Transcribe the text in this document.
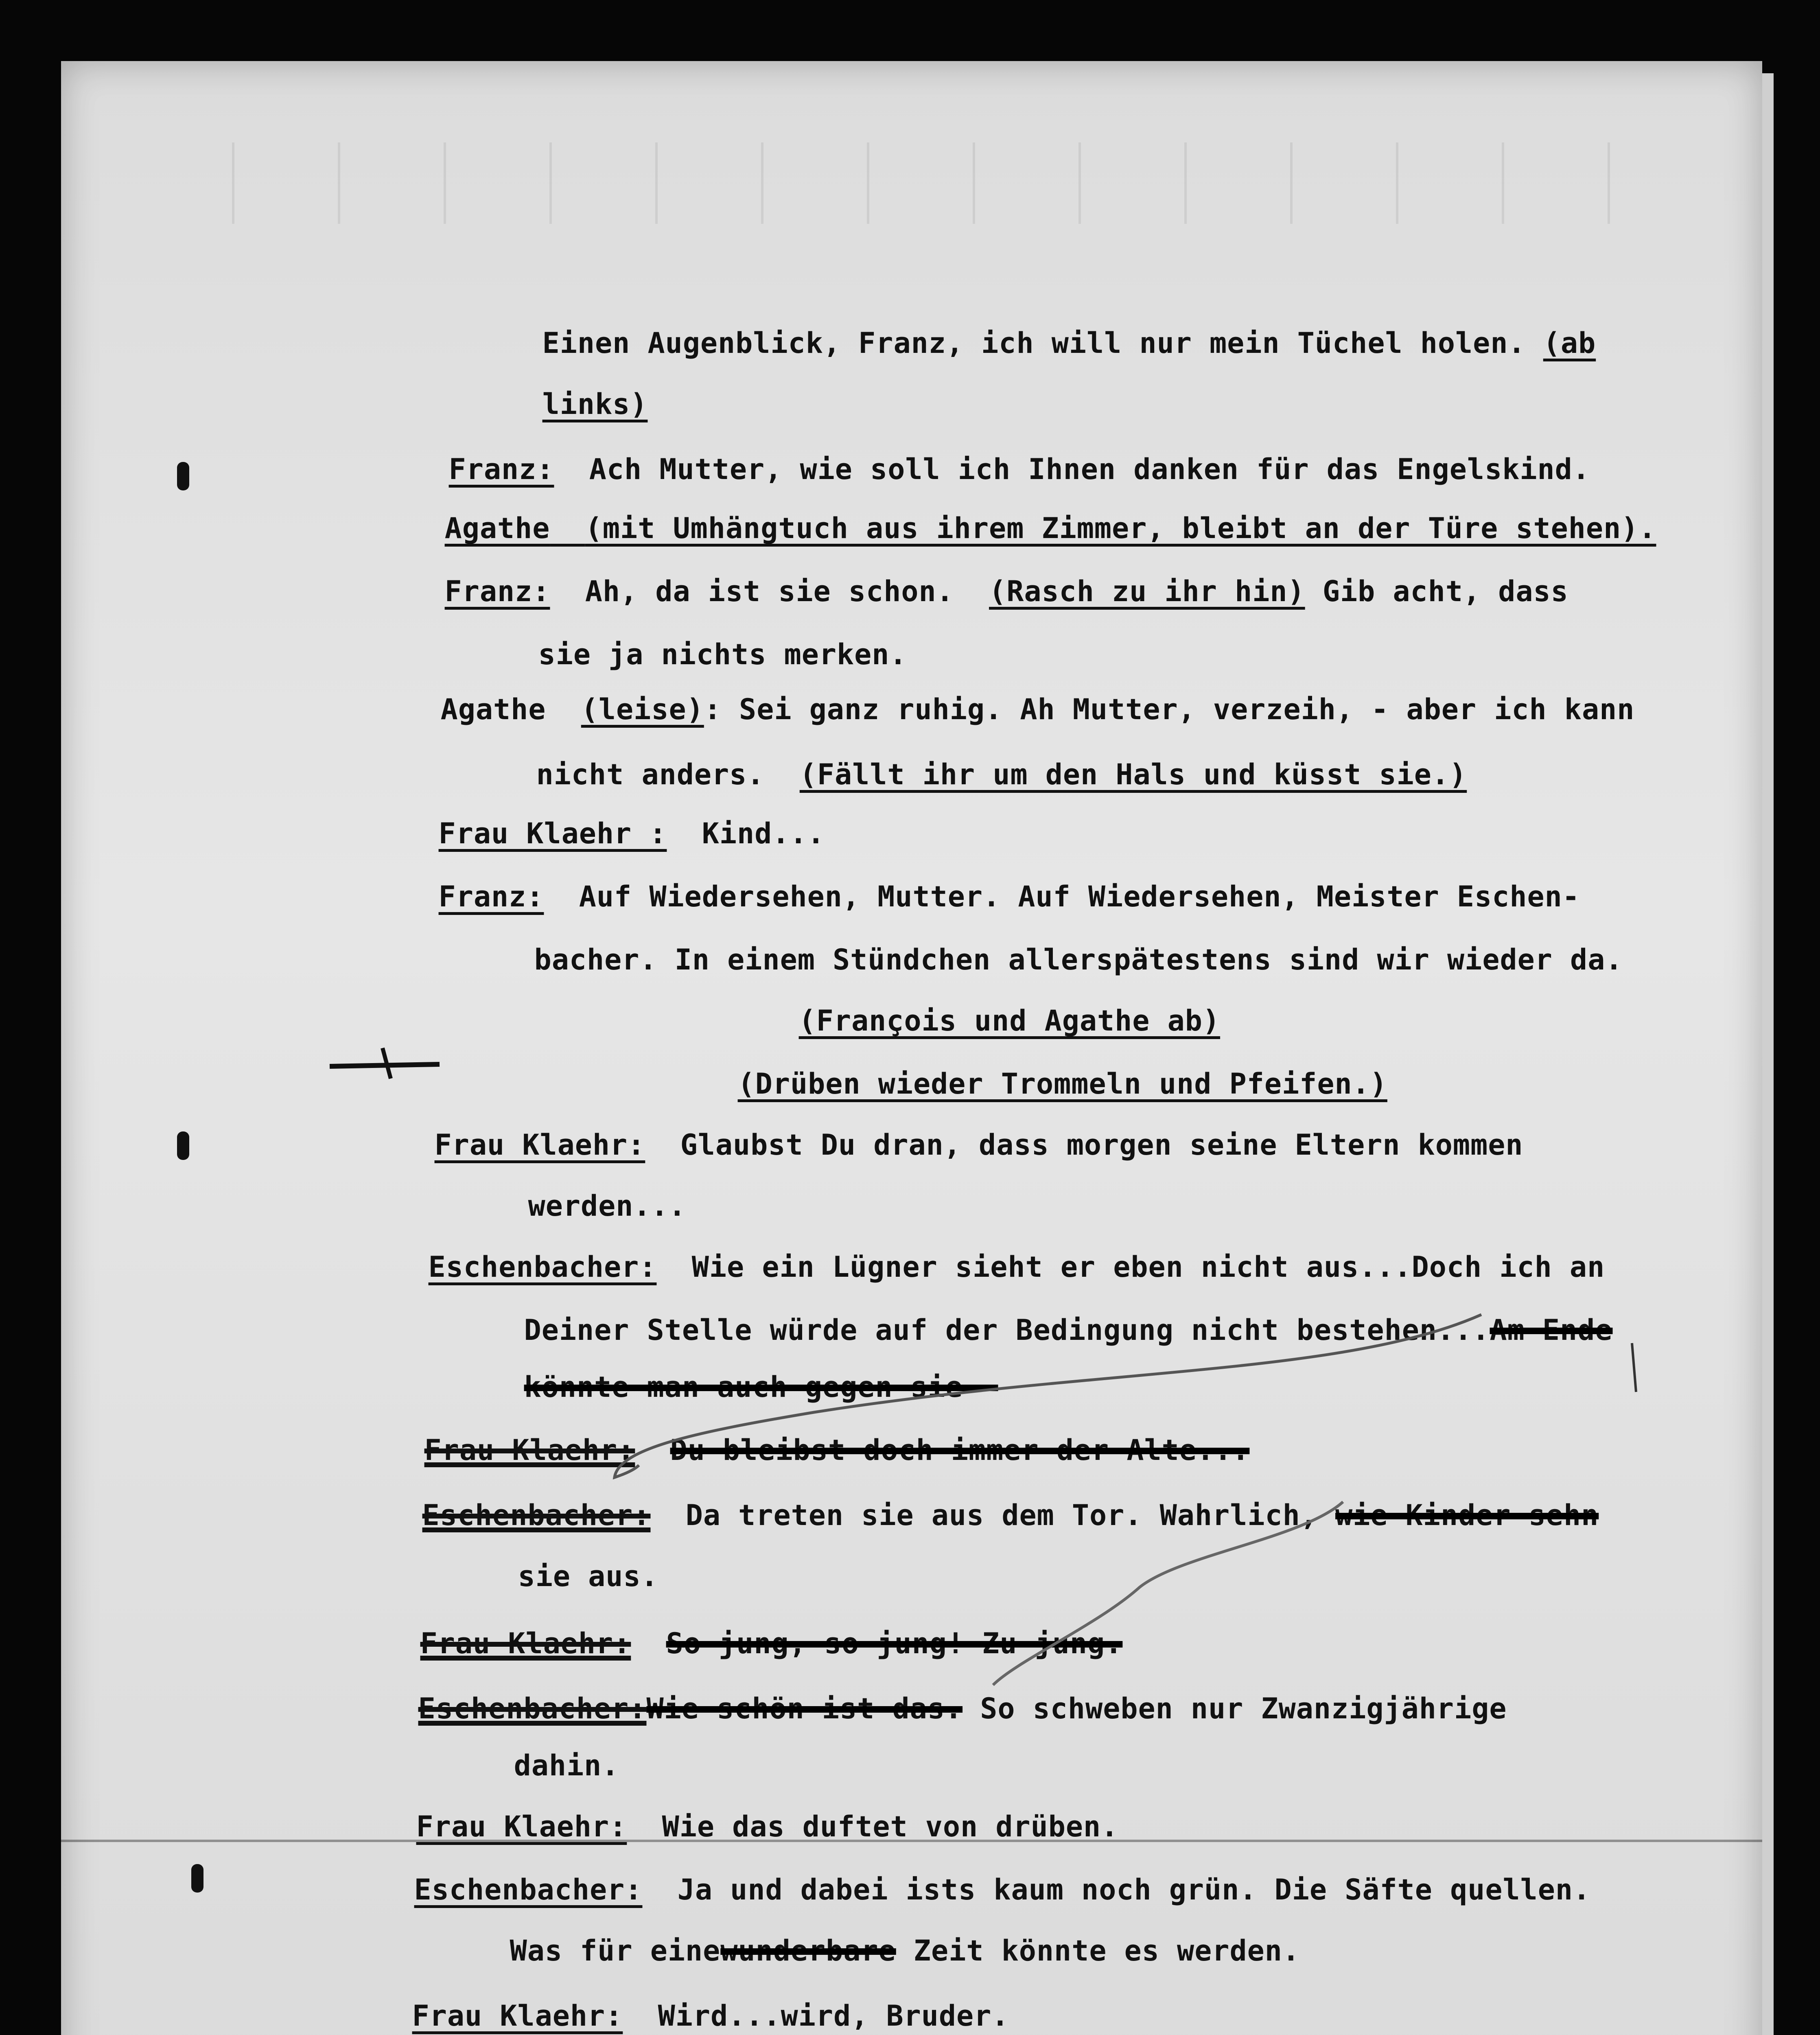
Einen Augenblick, Franz, ich will nur mein Tüchel holen. (ab

links)

Franz: Ach Mutter, wie soll ich Ihnen danken für das Engelskind.

Agathe (mit Umhängtuch aus ihrem Zimmer, bleibt an der Türe stehen).

Franz: Ah, da ist sie schon. (Rasch zu ihr hin) Gib acht, dass

sie ja nichts merken.

Agathe (leise): Sei ganz ruhig. Ah Mutter, verzeih, - aber ich kann

nicht anders. (Fällt ihr um den Hals und küsst sie.)

Frau Klaehr : Kind...

Franz: Auf Wiedersehen, Mutter. Auf Wiedersehen, Meister Eschen-

bacher. In einem Stündchen allerspätestens sind wir wieder da.

(François und Agathe ab)

(Drüben wieder Trommeln und Pfeifen.)

Frau Klaehr: Glaubst Du dran, dass morgen seine Eltern kommen

werden...

Eschenbacher: Wie ein Lügner sieht er eben nicht aus...Doch ich an

Deiner Stelle würde auf der Bedingung nicht bestehen...Am Ende

könnte man auch gegen sie -

Frau Klaehr: Du bleibst doch immer der Alte...

Eschenbacher: Da treten sie aus dem Tor. Wahrlich, wie Kinder sehn

sie aus.

Frau Klaehr: So jung, so jung! Zu jung.

Eschenbacher:Wie schön ist das. So schweben nur Zwanzigjährige

dahin.

Frau Klaehr: Wie das duftet von drüben.

Eschenbacher: Ja und dabei ists kaum noch grün. Die Säfte quellen.

Was für einewunderbare Zeit könnte es werden.

Frau Klaehr: Wird...wird, Bruder.
